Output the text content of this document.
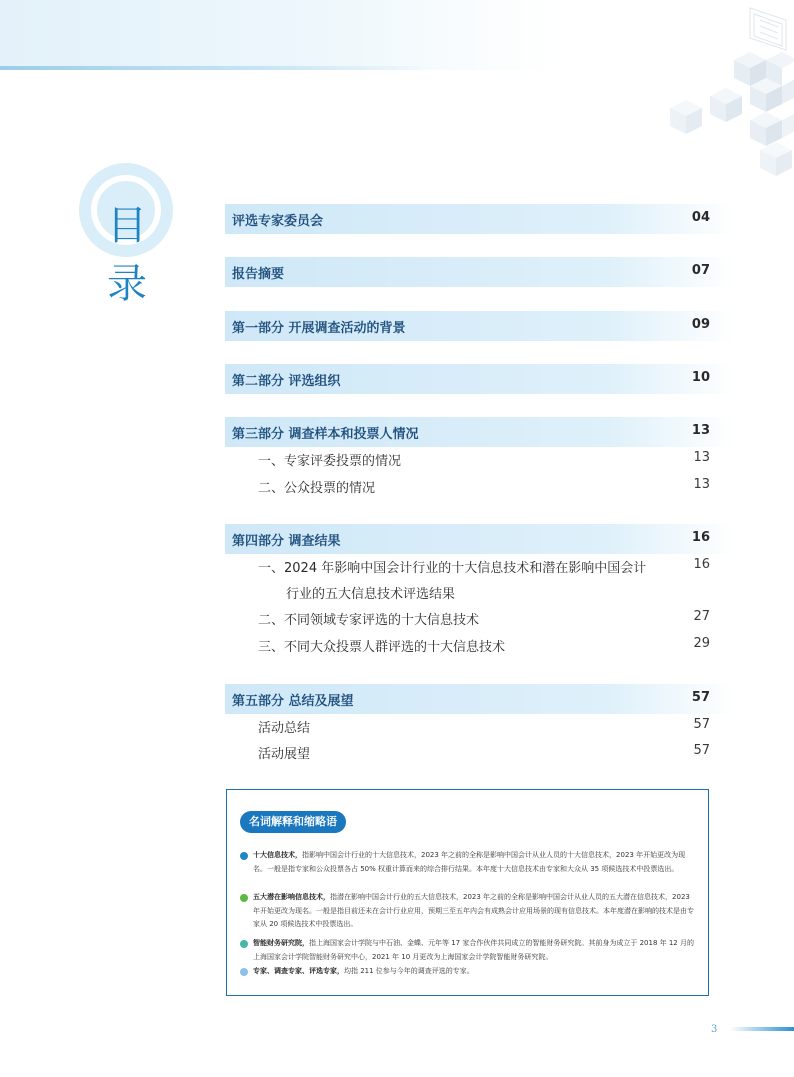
目
录
评选专家委员会	04
报告摘要	07
第一部分 开展调查活动的背景	09
第二部分 评选组织	10
第三部分 调查样本和投票人情况	13
一、专家评委投票的情况	13
二、公众投票的情况	13
第四部分 调查结果	16
一、2024 年影响中国会计行业的十大信息技术和潜在影响中国会计	16
行业的五大信息技术评选结果
二、不同领域专家评选的十大信息技术	27
三、不同大众投票人群评选的十大信息技术	29
第五部分 总结及展望	57
活动总结	57
活动展望	57
名词解释和缩略语
十大信息技术，指影响中国会计行业的十大信息技术，2023 年之前的全称是影响中国会计从业人员的十大信息技术，2023 年开始更改为现名。一般是指专家和公众投票各占 50% 权重计算而来的综合排行结果。本年度十大信息技术由专家和大众从 35 项候选技术中投票选出。
五大潜在影响信息技术，指潜在影响中国会计行业的五大信息技术，2023 年之前的全称是影响中国会计从业人员的五大潜在信息技术，2023 年开始更改为现名。一般是指目前还未在会计行业应用，预期三至五年内会有成熟会计应用场景的现有信息技术。本年度潜在影响的技术是由专家从 20 项候选技术中投票选出。
智能财务研究院，指上海国家会计学院与中石油、金蝶、元年等 17 家合作伙伴共同成立的智能财务研究院。其前身为成立于 2018 年 12 月的上海国家会计学院智能财务研究中心，2021 年 10 月更改为上海国家会计学院智能财务研究院。
专家、调查专家、评选专家，均指 211 位参与今年的调查评选的专家。
3
